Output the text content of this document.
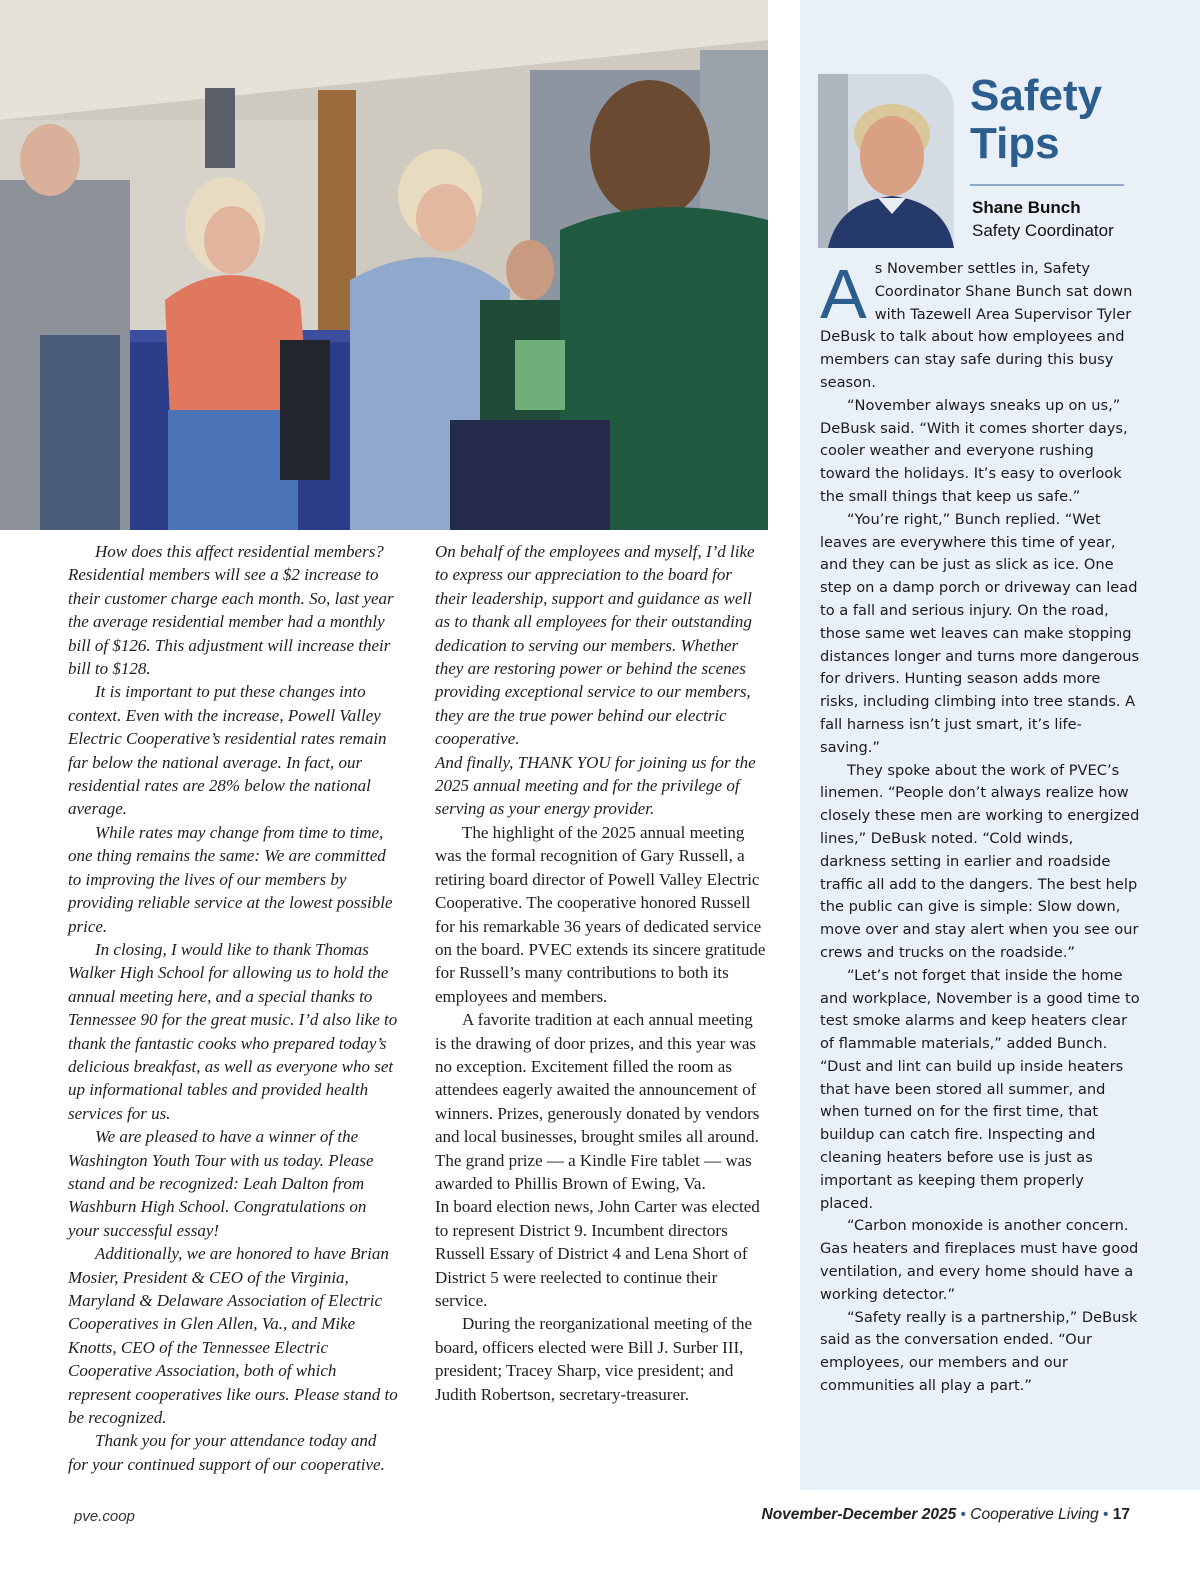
How does this affect residential members? Residential members will see a $2 increase to their customer charge each month. So, last year the average residential member had a monthly bill of $126. This adjustment will increase their bill to $128.

It is important to put these changes into context. Even with the increase, Powell Valley Electric Cooperative’s residential rates remain far below the national average. In fact, our residential rates are 28% below the national average.

While rates may change from time to time, one thing remains the same: We are committed to improving the lives of our members by providing reliable service at the lowest possible price.

In closing, I would like to thank Thomas Walker High School for allowing us to hold the annual meeting here, and a special thanks to Tennessee 90 for the great music. I’d also like to thank the fantastic cooks who prepared today’s delicious breakfast, as well as everyone who set up informational tables and provided health services for us.

We are pleased to have a winner of the Washington Youth Tour with us today. Please stand and be recognized: Leah Dalton from Washburn High School. Congratulations on your successful essay!

Additionally, we are honored to have Brian Mosier, President & CEO of the Virginia, Maryland & Delaware Association of Electric Cooperatives in Glen Allen, Va., and Mike Knotts, CEO of the Tennessee Electric Cooperative Association, both of which represent cooperatives like ours. Please stand to be recognized.

Thank you for your attendance today and for your continued support of our cooperative.

On behalf of the employees and myself, I’d like to express our appreciation to the board for their leadership, support and guidance as well as to thank all employees for their outstanding dedication to serving our members. Whether they are restoring power or behind the scenes providing exceptional service to our members, they are the true power behind our electric cooperative.

And finally, THANK YOU for joining us for the 2025 annual meeting and for the privilege of serving as your energy provider.

The highlight of the 2025 annual meeting was the formal recognition of Gary Russell, a retiring board director of Powell Valley Electric Cooperative. The cooperative honored Russell for his remarkable 36 years of dedicated service on the board. PVEC extends its sincere gratitude for Russell’s many contributions to both its employees and members.

A favorite tradition at each annual meeting is the drawing of door prizes, and this year was no exception. Excitement filled the room as attendees eagerly awaited the announcement of winners. Prizes, generously donated by vendors and local businesses, brought smiles all around. The grand prize — a Kindle Fire tablet — was awarded to Phillis Brown of Ewing, Va.

In board election news, John Carter was elected to represent District 9. Incumbent directors Russell Essary of District 4 and Lena Short of District 5 were reelected to continue their service.

During the reorganizational meeting of the board, officers elected were Bill J. Surber III, president; Tracey Sharp, vice president; and Judith Robertson, secretary-treasurer.

Safety
Tips
Shane Bunch
Safety Coordinator

As November settles in, Safety Coordinator Shane Bunch sat down with Tazewell Area Supervisor Tyler DeBusk to talk about how employees and members can stay safe during this busy season.

“November always sneaks up on us,” DeBusk said. “With it comes shorter days, cooler weather and everyone rushing toward the holidays. It’s easy to overlook the small things that keep us safe.”

“You’re right,” Bunch replied. “Wet leaves are everywhere this time of year, and they can be just as slick as ice. One step on a damp porch or driveway can lead to a fall and serious injury. On the road, those same wet leaves can make stopping distances longer and turns more dangerous for drivers. Hunting season adds more risks, including climbing into tree stands. A fall harness isn’t just smart, it’s life-saving.”

They spoke about the work of PVEC’s linemen. “People don’t always realize how closely these men are working to energized lines,” DeBusk noted. “Cold winds, darkness setting in earlier and roadside traffic all add to the dangers. The best help the public can give is simple: Slow down, move over and stay alert when you see our crews and trucks on the roadside.”

“Let’s not forget that inside the home and workplace, November is a good time to test smoke alarms and keep heaters clear of flammable materials,” added Bunch. “Dust and lint can build up inside heaters that have been stored all summer, and when turned on for the first time, that buildup can catch fire. Inspecting and cleaning heaters before use is just as important as keeping them properly placed.

“Carbon monoxide is another concern. Gas heaters and fireplaces must have good ventilation, and every home should have a working detector.”

“Safety really is a partnership,” DeBusk said as the conversation ended. “Our employees, our members and our communities all play a part.”

pve.coop	November-December 2025 • Cooperative Living • 17
